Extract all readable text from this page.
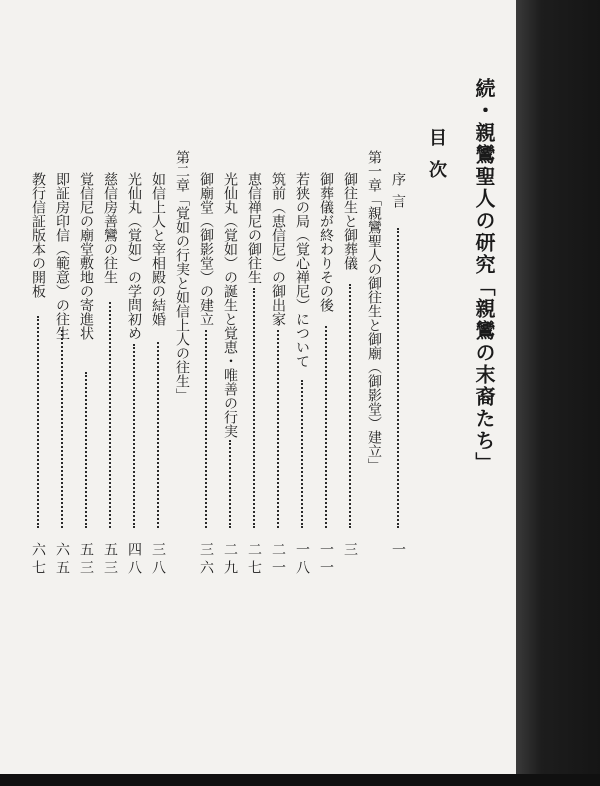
続・親鸞聖人の研究「親鸞の末裔たち」
目次
序言
一
第一章「親鸞聖人の御往生と御廟（御影堂）建立」
御往生と御葬儀
三
御葬儀が終わりその後
一一
若狭の局（覚心禅尼）について
一八
筑前（恵信尼）の御出家
二一
恵信禅尼の御往生
二七
光仙丸（覚如）の誕生と覚恵・唯善の行実
二九
御廟堂（御影堂）の建立
三六
第二章「覚如の行実と如信上人の往生」
如信上人と宰相殿の結婚
三八
光仙丸（覚如）の学問初め
四八
慈信房善鸞の往生
五三
覚信尼の廟堂敷地の寄進状
五三
即証房印信（範意）の往生
六五
教行信証版本の開板
六七
